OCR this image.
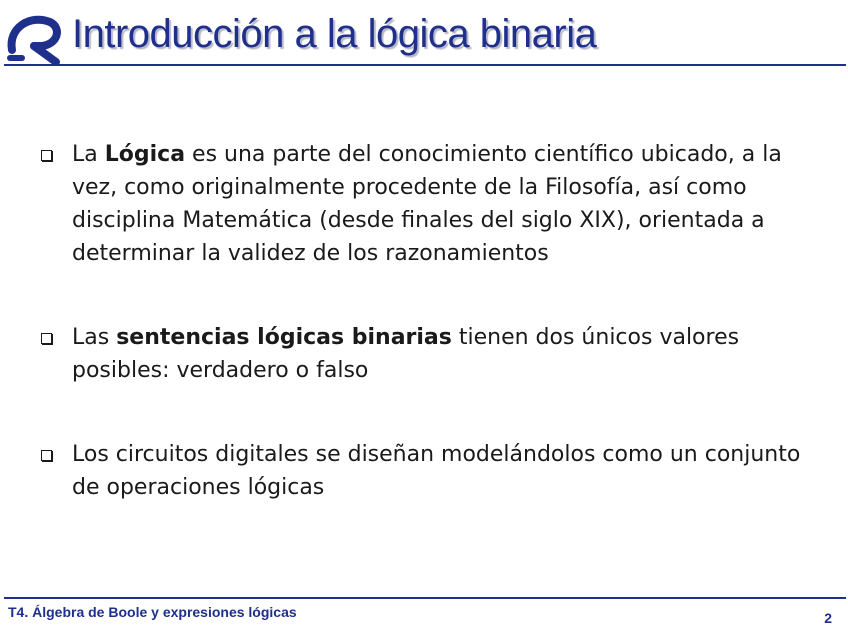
Introducción a la lógica binaria
La Lógica es una parte del conocimiento científico ubicado, a la vez, como originalmente procedente de la Filosofía, así como disciplina Matemática (desde finales del siglo XIX), orientada a determinar la validez de los razonamientos
Las sentencias lógicas binarias tienen dos únicos valores posibles: verdadero o falso
Los circuitos digitales se diseñan modelándolos como un conjunto de operaciones lógicas
T4. Álgebra de Boole y expresiones lógicas	2
